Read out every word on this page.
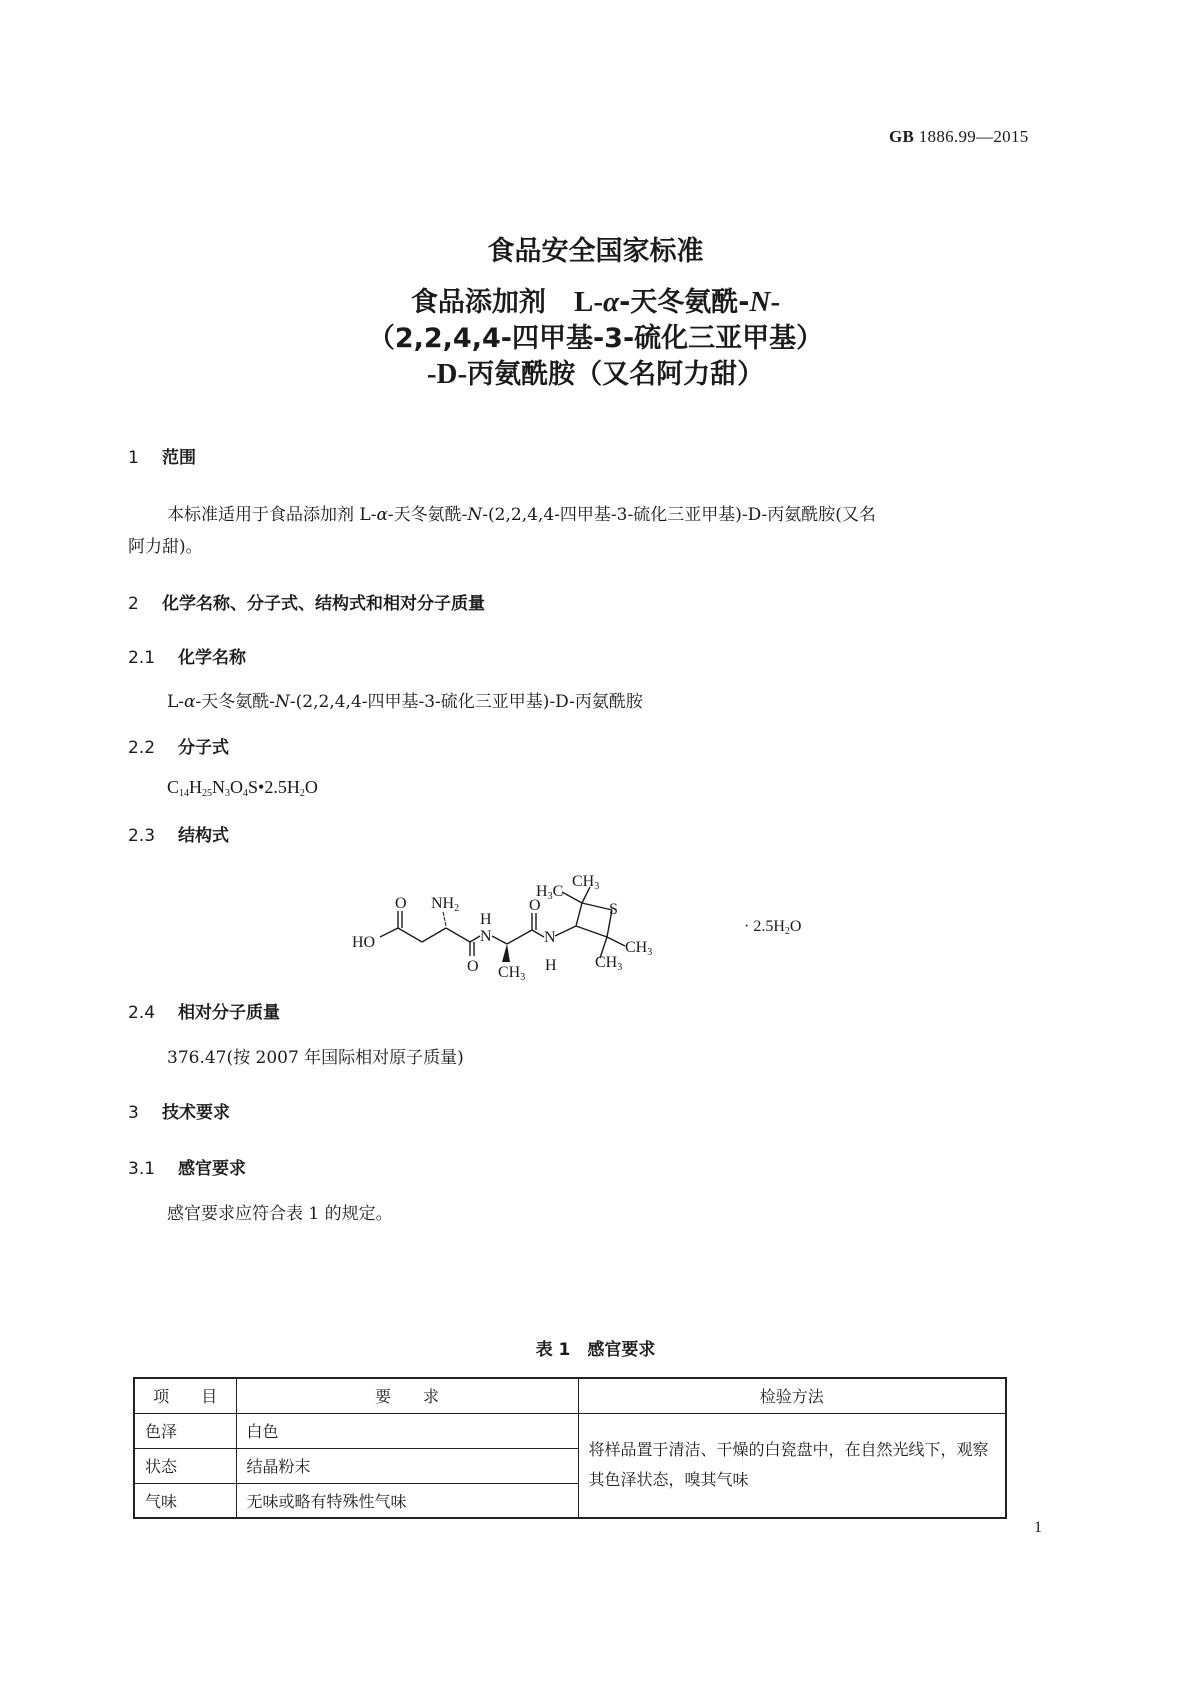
GB 1886.99—2015
食品安全国家标准
食品添加剂 L-α-天冬氨酰-N-
（2,2,4,4-四甲基-3-硫化三亚甲基）
-D-丙氨酰胺（又名阿力甜）
1 范围
本标准适用于食品添加剂 L-α-天冬氨酰-N-(2,2,4,4-四甲基-3-硫化三亚甲基)-D-丙氨酰胺(又名
阿力甜)。
2 化学名称、分子式、结构式和相对分子质量
2.1 化学名称
L-α-天冬氨酰-N-(2,2,4,4-四甲基-3-硫化三亚甲基)-D-丙氨酰胺
2.2 分子式
$C_{14}H_{25}N_3O_4S•2.5H_2O$
2.3 结构式
HO
O NH2
H
N
O
O
CH3
N
H
H3C
CH3
S
CH3
CH3
· 2.5H2O
2.4 相对分子质量
376.47(按 2007 年国际相对原子质量)
3 技术要求
3.1 感官要求
感官要求应符合表 1 的规定。
表 1　感官要求
项　　目	要　　求	检验方法
色泽	白色	将样品置于清洁、干燥的白瓷盘中，在自然光线下，观察
其色泽状态，嗅其气味

状态	结晶粉末	
气味	无味或略有特殊性气味	
1
